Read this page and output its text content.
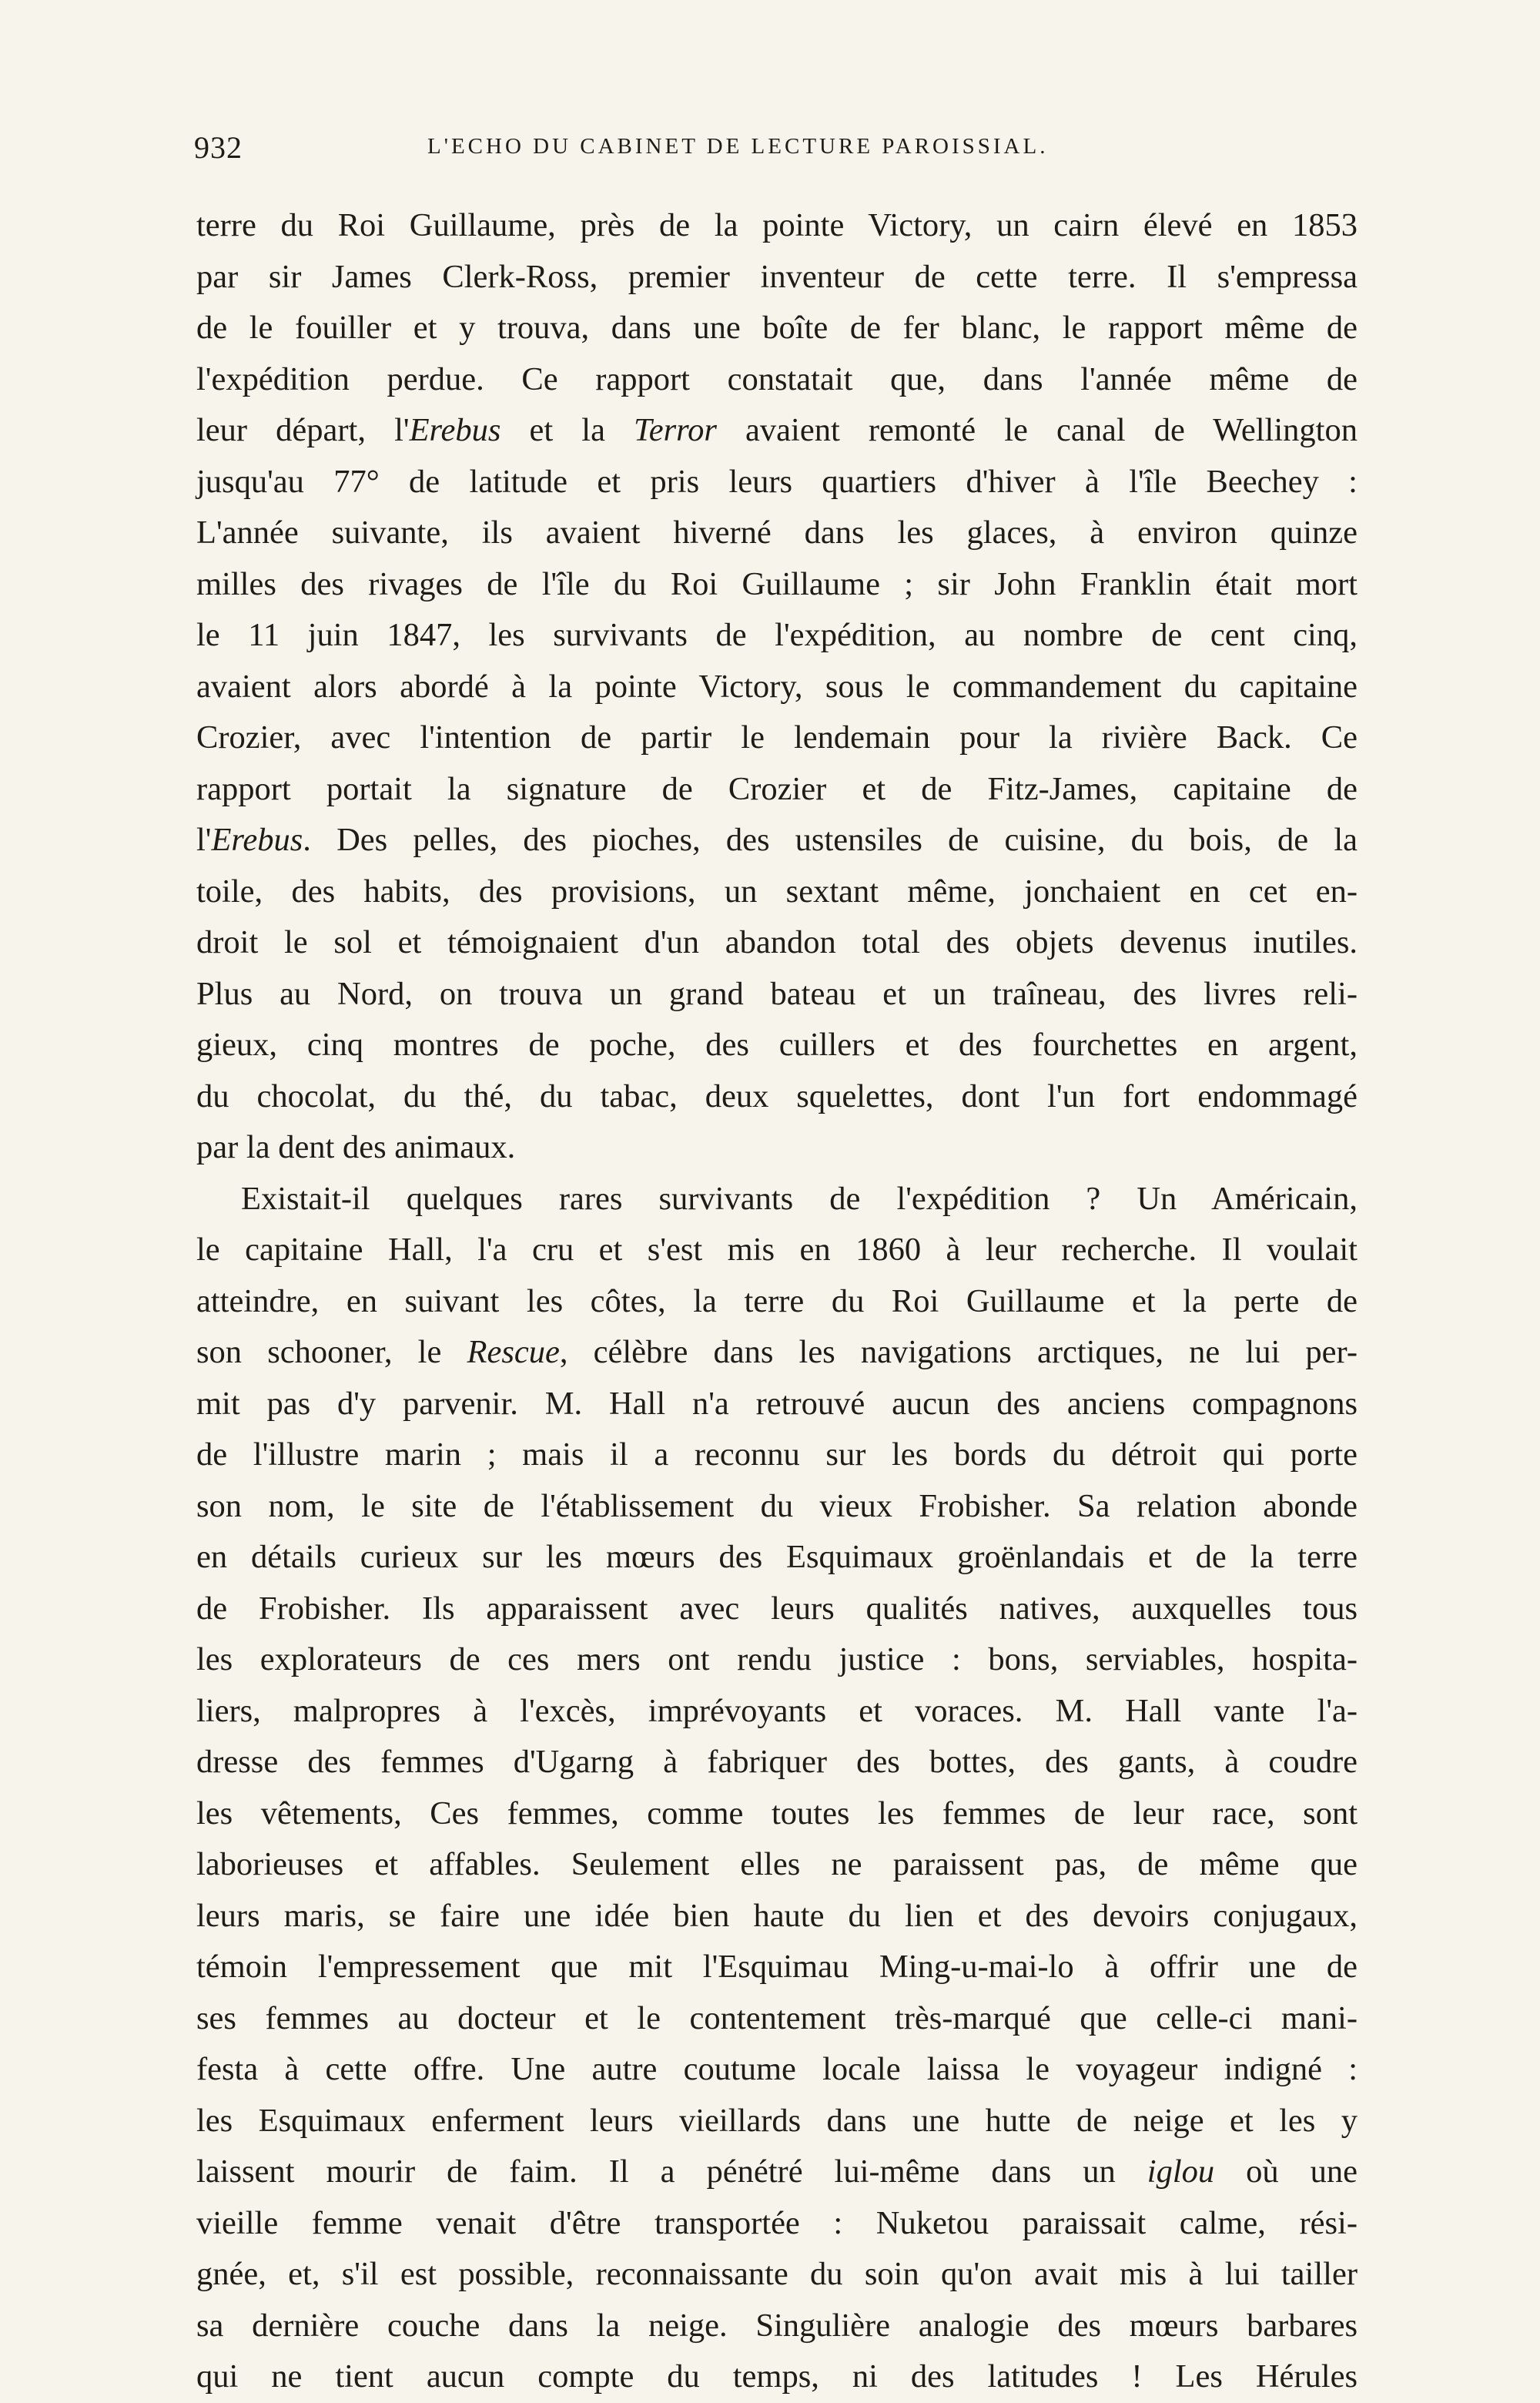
932	L'ECHO DU CABINET DE LECTURE PAROISSIAL.
terre du Roi Guillaume, près de la pointe Victory, un cairn élevé en 1853
par sir James Clerk-Ross, premier inventeur de cette terre. Il s'empressa
de le fouiller et y trouva, dans une boîte de fer blanc, le rapport même de
l'expédition perdue. Ce rapport constatait que, dans l'année même de
leur départ, l'Erebus et la Terror avaient remonté le canal de Wellington
jusqu'au 77° de latitude et pris leurs quartiers d'hiver à l'île Beechey :
L'année suivante, ils avaient hiverné dans les glaces, à environ quinze
milles des rivages de l'île du Roi Guillaume ; sir John Franklin était mort
le 11 juin 1847, les survivants de l'expédition, au nombre de cent cinq,
avaient alors abordé à la pointe Victory, sous le commandement du capitaine
Crozier, avec l'intention de partir le lendemain pour la rivière Back. Ce
rapport portait la signature de Crozier et de Fitz-James, capitaine de
l'Erebus. Des pelles, des pioches, des ustensiles de cuisine, du bois, de la
toile, des habits, des provisions, un sextant même, jonchaient en cet en-
droit le sol et témoignaient d'un abandon total des objets devenus inutiles.
Plus au Nord, on trouva un grand bateau et un traîneau, des livres reli-
gieux, cinq montres de poche, des cuillers et des fourchettes en argent,
du chocolat, du thé, du tabac, deux squelettes, dont l'un fort endommagé
par la dent des animaux.
Existait-il quelques rares survivants de l'expédition ? Un Américain,
le capitaine Hall, l'a cru et s'est mis en 1860 à leur recherche. Il voulait
atteindre, en suivant les côtes, la terre du Roi Guillaume et la perte de
son schooner, le Rescue, célèbre dans les navigations arctiques, ne lui per-
mit pas d'y parvenir. M. Hall n'a retrouvé aucun des anciens compagnons
de l'illustre marin ; mais il a reconnu sur les bords du détroit qui porte
son nom, le site de l'établissement du vieux Frobisher. Sa relation abonde
en détails curieux sur les mœurs des Esquimaux groënlandais et de la terre
de Frobisher. Ils apparaissent avec leurs qualités natives, auxquelles tous
les explorateurs de ces mers ont rendu justice : bons, serviables, hospita-
liers, malpropres à l'excès, imprévoyants et voraces. M. Hall vante l'a-
dresse des femmes d'Ugarng à fabriquer des bottes, des gants, à coudre
les vêtements, Ces femmes, comme toutes les femmes de leur race, sont
laborieuses et affables. Seulement elles ne paraissent pas, de même que
leurs maris, se faire une idée bien haute du lien et des devoirs conjugaux,
témoin l'empressement que mit l'Esquimau Ming-u-mai-lo à offrir une de
ses femmes au docteur et le contentement très-marqué que celle-ci mani-
festa à cette offre. Une autre coutume locale laissa le voyageur indigné :
les Esquimaux enferment leurs vieillards dans une hutte de neige et les y
laissent mourir de faim. Il a pénétré lui-même dans un iglou où une
vieille femme venait d'être transportée : Nuketou paraissait calme, rési-
gnée, et, s'il est possible, reconnaissante du soin qu'on avait mis à lui tailler
sa dernière couche dans la neige. Singulière analogie des mœurs barbares
qui ne tient aucun compte du temps, ni des latitudes ! Les Hérules
